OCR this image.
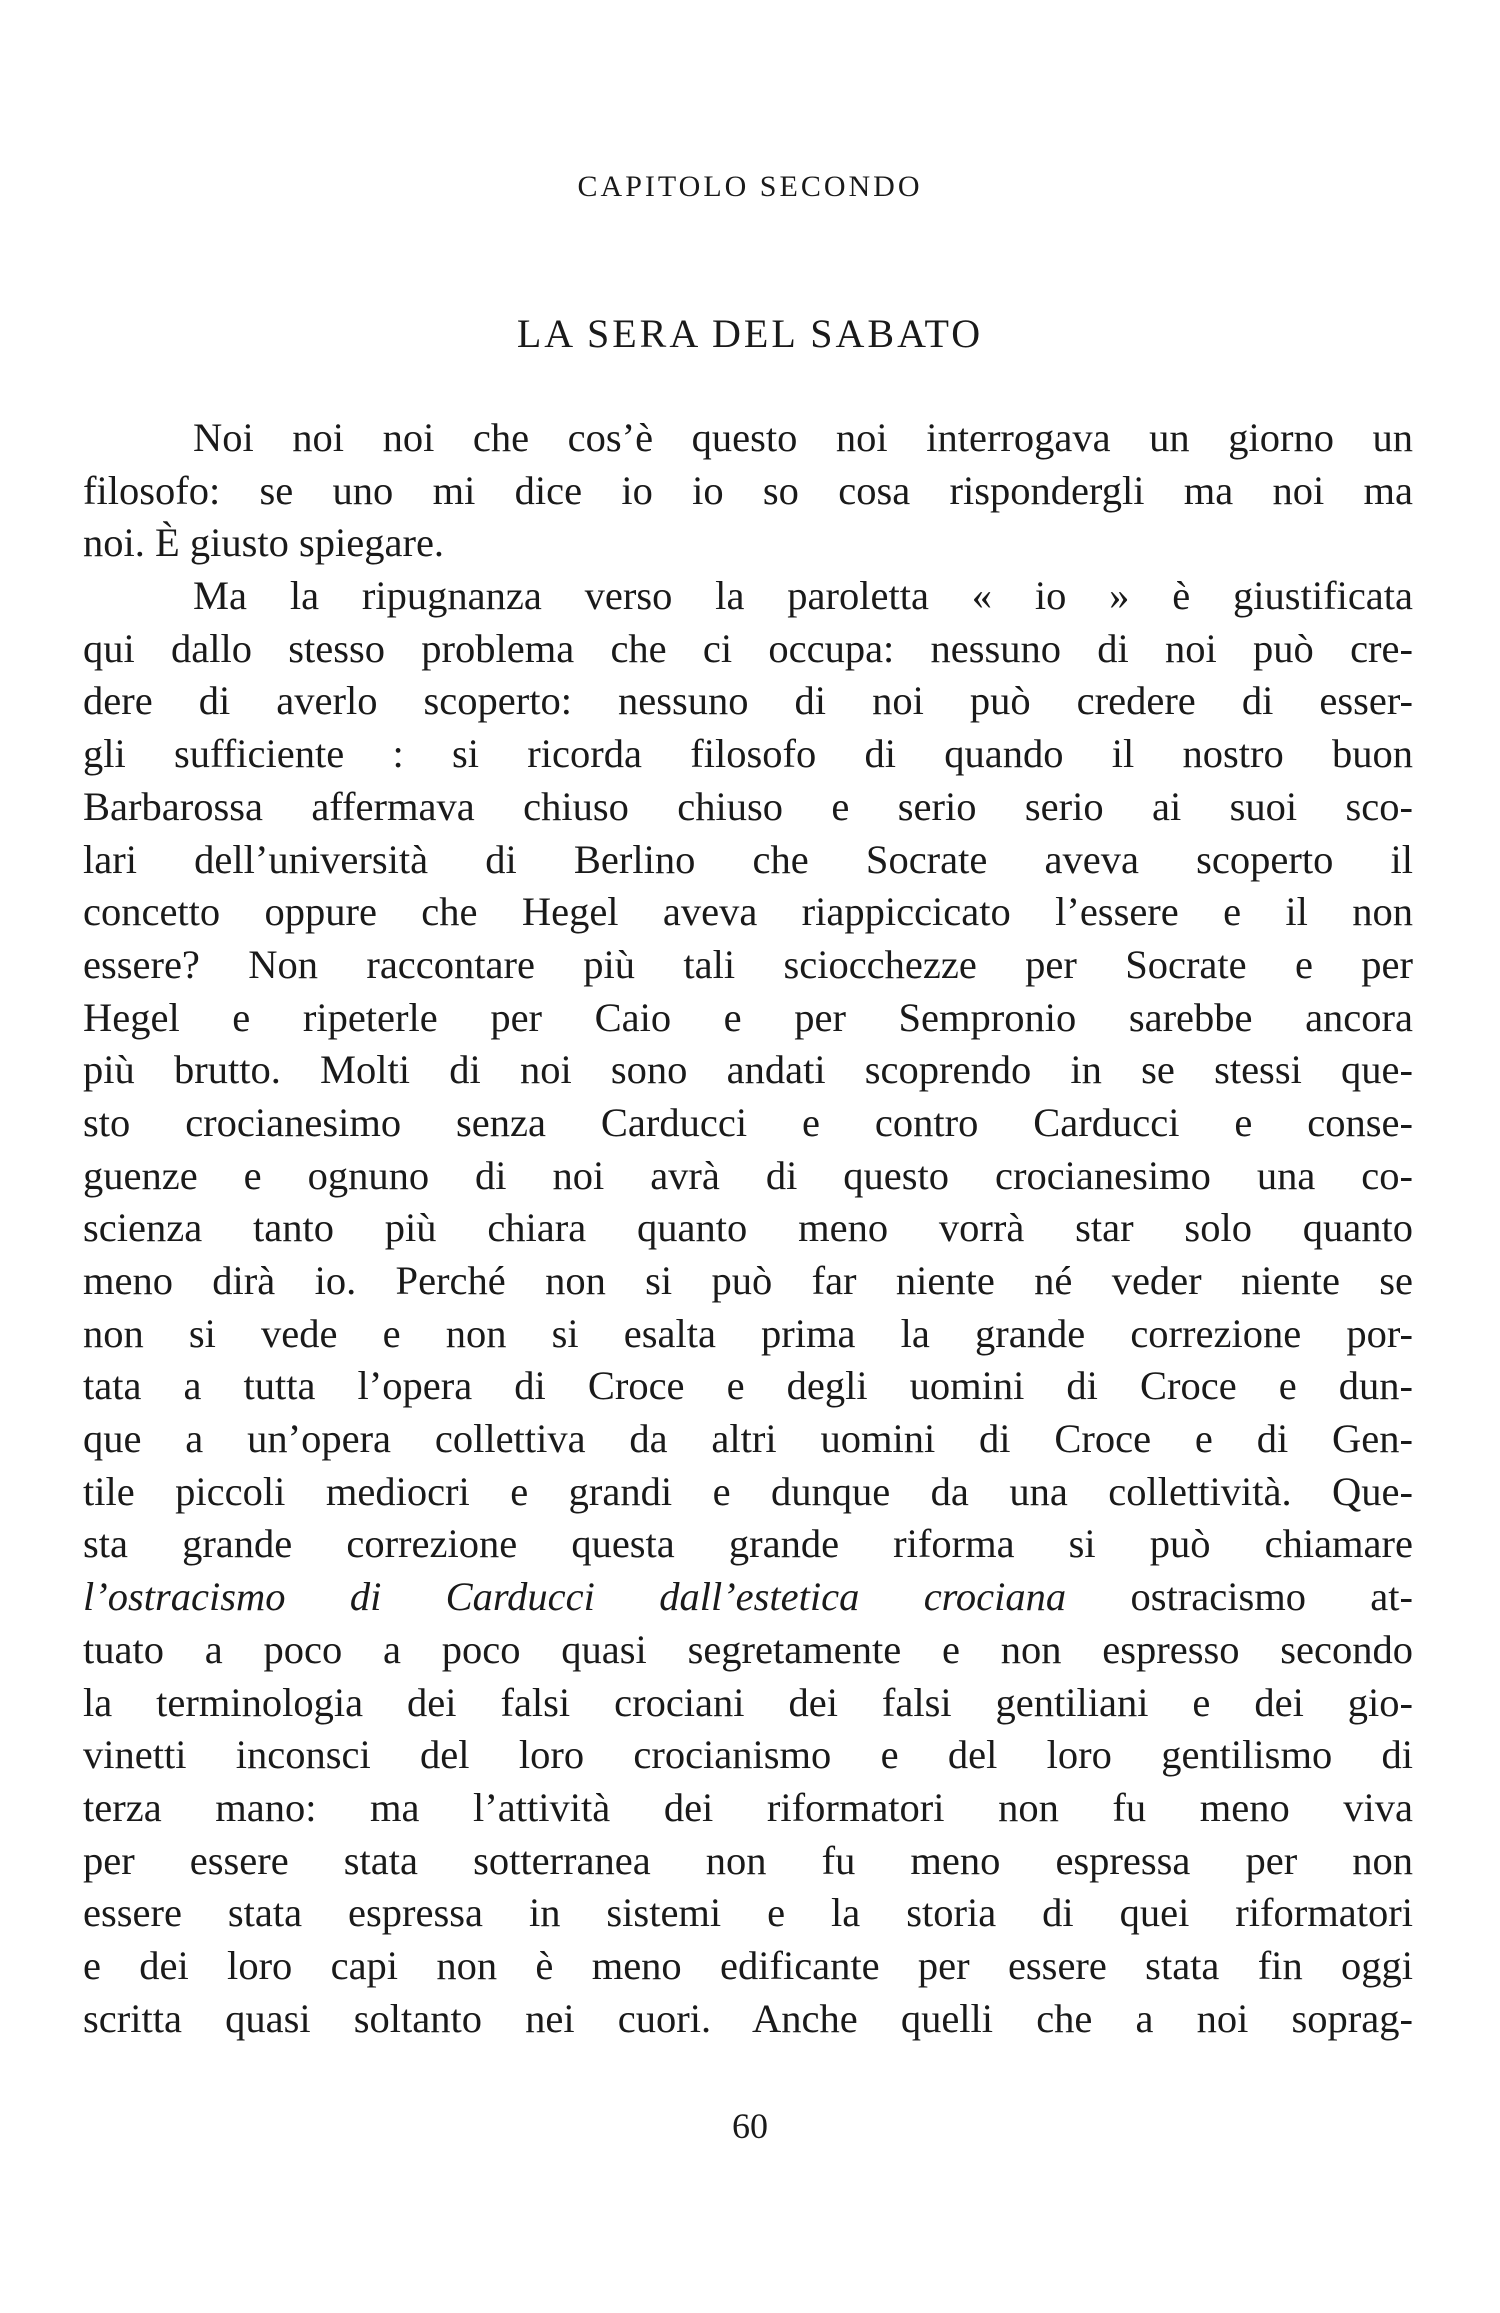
CAPITOLO SECONDO
LA SERA DEL SABATO
Noi noi noi che cos’è questo noi interrogava un giorno un
filosofo: se uno mi dice io io so cosa rispondergli ma noi ma
noi. È giusto spiegare.
Ma la ripugnanza verso la paroletta « io » è giustificata
qui dallo stesso problema che ci occupa: nessuno di noi può cre-
dere di averlo scoperto: nessuno di noi può credere di esser-
gli sufficiente : si ricorda filosofo di quando il nostro buon
Barbarossa affermava chiuso chiuso e serio serio ai suoi sco-
lari dell’università di Berlino che Socrate aveva scoperto il
concetto oppure che Hegel aveva riappiccicato l’essere e il non
essere? Non raccontare più tali sciocchezze per Socrate e per
Hegel e ripeterle per Caio e per Sempronio sarebbe ancora
più brutto. Molti di noi sono andati scoprendo in se stessi que-
sto crocianesimo senza Carducci e contro Carducci e conse-
guenze e ognuno di noi avrà di questo crocianesimo una co-
scienza tanto più chiara quanto meno vorrà star solo quanto
meno dirà io. Perché non si può far niente né veder niente se
non si vede e non si esalta prima la grande correzione por-
tata a tutta l’opera di Croce e degli uomini di Croce e dun-
que a un’opera collettiva da altri uomini di Croce e di Gen-
tile piccoli mediocri e grandi e dunque da una collettività. Que-
sta grande correzione questa grande riforma si può chiamare
l’ostracismo di Carducci dall’estetica crociana ostracismo at-
tuato a poco a poco quasi segretamente e non espresso secondo
la terminologia dei falsi crociani dei falsi gentiliani e dei gio-
vinetti inconsci del loro crocianismo e del loro gentilismo di
terza mano: ma l’attività dei riformatori non fu meno viva
per essere stata sotterranea non fu meno espressa per non
essere stata espressa in sistemi e la storia di quei riformatori
e dei loro capi non è meno edificante per essere stata fin oggi
scritta quasi soltanto nei cuori. Anche quelli che a noi soprag-
60
